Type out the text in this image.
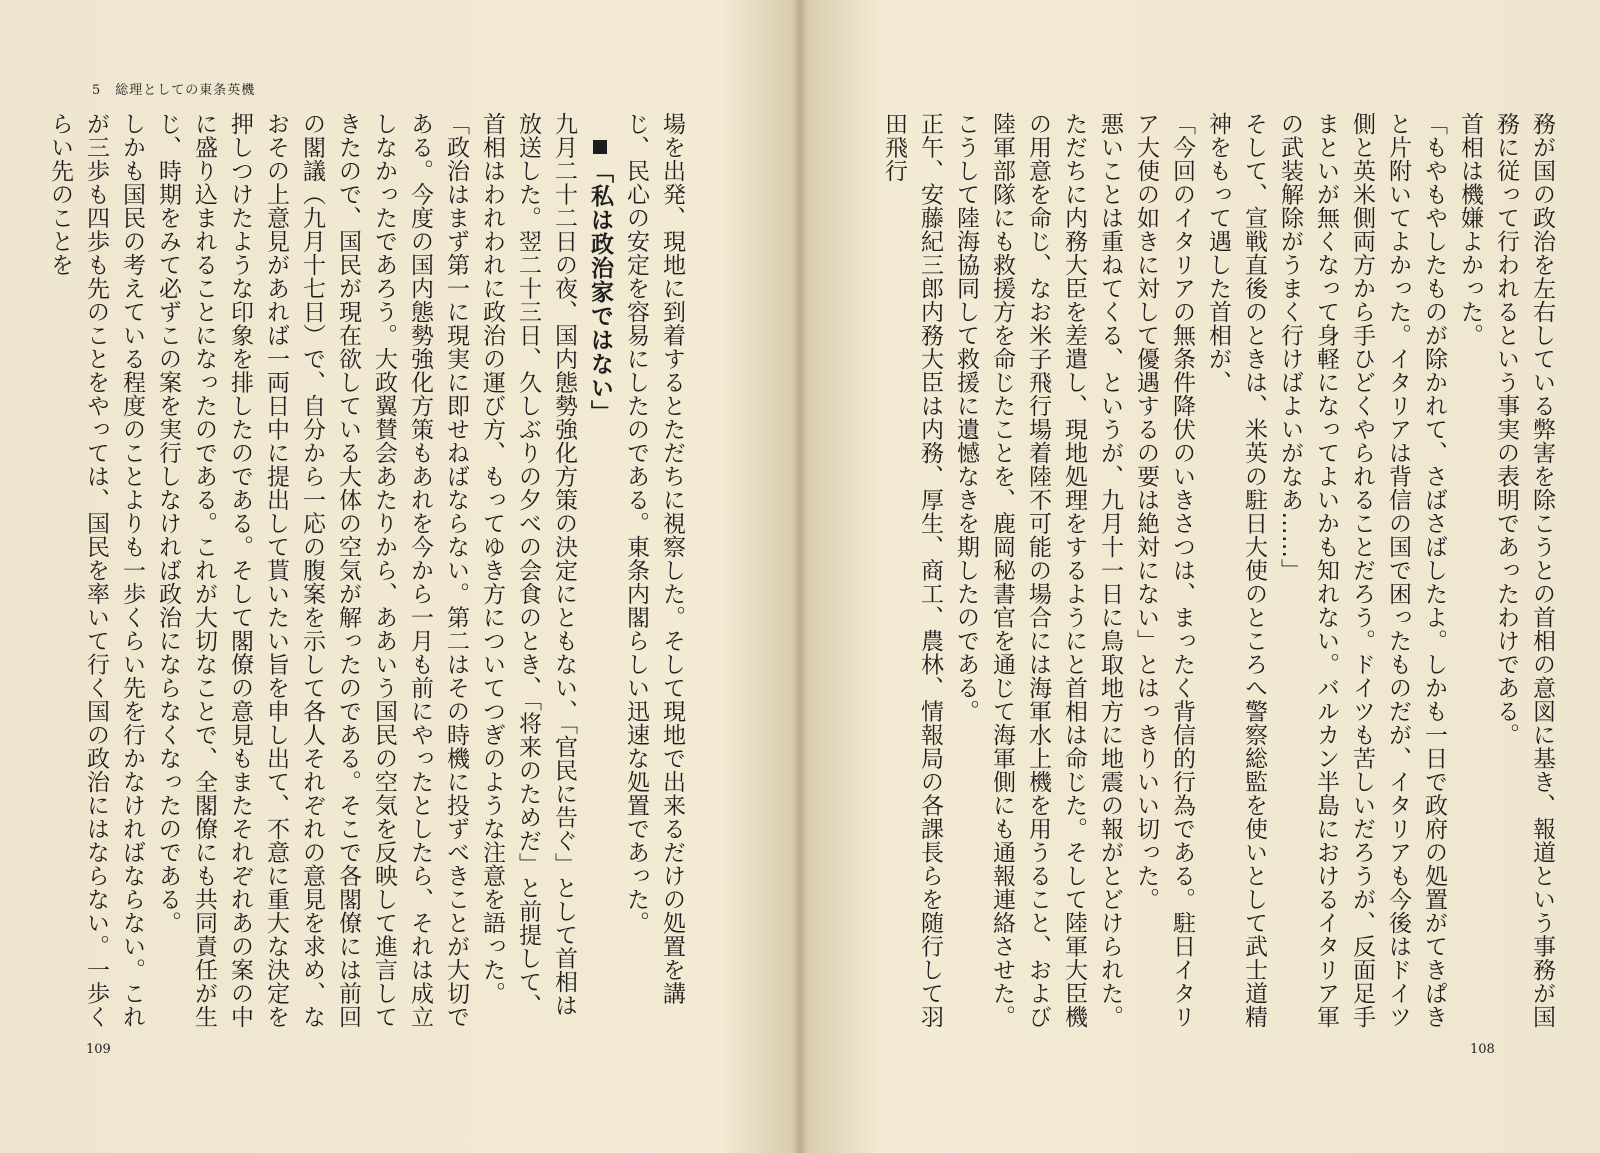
5　総理としての東条英機

場を出発、現地に到着するとただちに視察した。そして現地で出来るだけの処置を講じ、民心の安定を容易にしたのである。東条内閣らしい迅速な処置であった。

「私は政治家ではない」

九月二十二日の夜、国内態勢強化方策の決定にともない、「官民に告ぐ」として首相は放送した。翌二十三日、久しぶりの夕べの会食のとき、「将来のためだ」と前提して、首相はわれわれに政治の運び方、もってゆき方についてつぎのような注意を語った。

「政治はまず第一に現実に即せねばならない。第二はその時機に投ずべきことが大切である。今度の国内態勢強化方策もあれを今から一月も前にやったとしたら、それは成立しなかったであろう。大政翼賛会あたりから、ああいう国民の空気を反映して進言してきたので、国民が現在欲している大体の空気が解ったのである。そこで各閣僚には前回の閣議（九月十七日）で、自分から一応の腹案を示して各人それぞれの意見を求め、なおその上意見があれば一両日中に提出して貰いたい旨を申し出て、不意に重大な決定を押しつけたような印象を排したのである。そして閣僚の意見もまたそれぞれあの案の中に盛り込まれることになったのである。これが大切なことで、全閣僚にも共同責任が生じ、時期をみて必ずこの案を実行しなければ政治にならなくなったのである。

しかも国民の考えている程度のことよりも一歩くらい先を行かなければならない。これが三歩も四歩も先のことをやっては、国民を率いて行く国の政治にはならない。一歩くらい先のことを

109

務が国の政治を左右している弊害を除こうとの首相の意図に基き、報道という事務が国務に従って行われるという事実の表明であったわけである。

首相は機嫌よかった。

「もやもやしたものが除かれて、さばさばしたよ。しかも一日で政府の処置がてきぱきと片附いてよかった。イタリアは背信の国で困ったものだが、イタリアも今後はドイツ側と英米側両方から手ひどくやられることだろう。ドイツも苦しいだろうが、反面足手まといが無くなって身軽になってよいかも知れない。バルカン半島におけるイタリア軍の武装解除がうまく行けばよいがなあ……」

そして、宣戦直後のときは、米英の駐日大使のところへ警察総監を使いとして武士道精神をもって遇した首相が、

「今回のイタリアの無条件降伏のいきさつは、まったく背信的行為である。駐日イタリア大使の如きに対して優遇するの要は絶対にない」とはっきりいい切った。

悪いことは重ねてくる、というが、九月十一日に鳥取地方に地震の報がとどけられた。ただちに内務大臣を差遣し、現地処理をするようにと首相は命じた。そして陸軍大臣機の用意を命じ、なお米子飛行場着陸不可能の場合には海軍水上機を用うること、および陸軍部隊にも救援方を命じたことを、鹿岡秘書官を通じて海軍側にも通報連絡させた。こうして陸海協同して救援に遺憾なきを期したのである。

正午、安藤紀三郎内務大臣は内務、厚生、商工、農林、情報局の各課長らを随行して羽田飛行

108
